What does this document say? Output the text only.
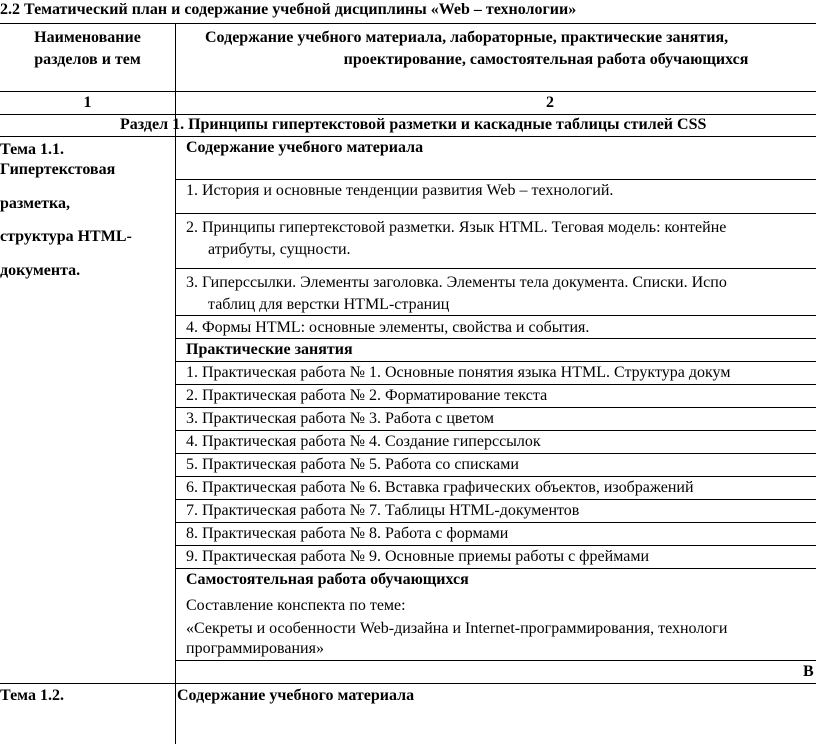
2.2 Тематический план и содержание учебной дисциплины «Web – технологии»
Наименование
разделов и тем
Содержание учебного материала, лабораторные, практические занятия,
проектирование, самостоятельная работа обучающихся
1	2
Раздел 1. Принципы гипертекстовой разметки и каскадные таблицы стилей CSS
Тема 1.1.
Гипертекстовая
разметка,
структура HTML-
документа.
Содержание учебного материала
1. История и основные тенденции развития Web – технологий.
2. Принципы гипертекстовой разметки. Язык HTML. Теговая модель: контейне
атрибуты, сущности.
3. Гиперссылки. Элементы заголовка. Элементы тела документа. Списки. Испо
таблиц для верстки HTML-страниц
4. Формы HTML: основные элементы, свойства и события.
Практические занятия
1. Практическая работа № 1. Основные понятия языка HTML. Структура докум
2. Практическая работа № 2. Форматирование текста
3. Практическая работа № 3. Работа с цветом
4. Практическая работа № 4. Создание гиперссылок
5. Практическая работа № 5. Работа со списками
6. Практическая работа № 6. Вставка графических объектов, изображений
7. Практическая работа № 7. Таблицы HTML-документов
8. Практическая работа № 8. Работа с формами
9. Практическая работа № 9. Основные приемы работы с фреймами
Самостоятельная работа обучающихся
Составление конспекта по теме:
«Секреты и особенности Web-дизайна и Internet-программирования, технологи
программирования»
В
Тема 1.2.	Содержание учебного материала
